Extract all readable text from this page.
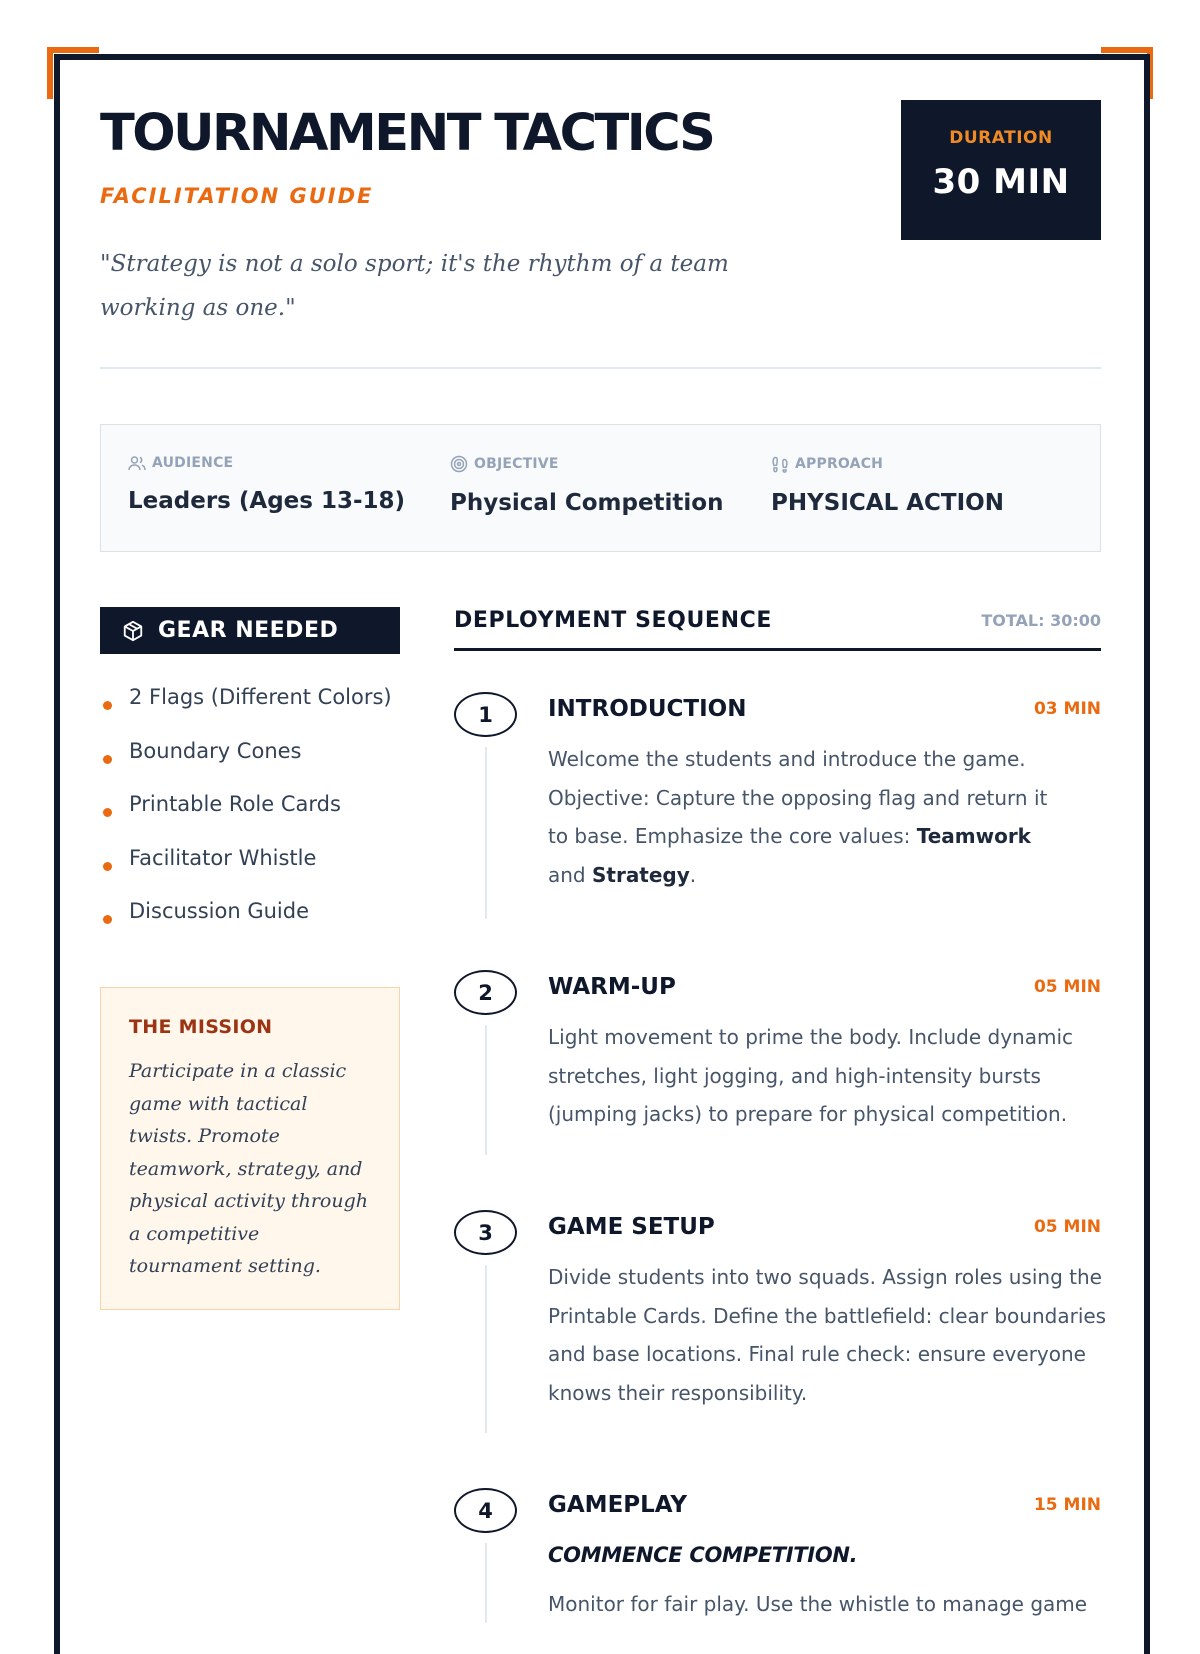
TOURNAMENT TACTICS
FACILITATION GUIDE
DURATION
30 MIN
"Strategy is not a solo sport; it's the rhythm of a team working as one."
AUDIENCE
Leaders (Ages 13-18)
OBJECTIVE
Physical Competition
APPROACH
PHYSICAL ACTION
GEAR NEEDED
2 Flags (Different Colors)
Boundary Cones
Printable Role Cards
Facilitator Whistle
Discussion Guide
THE MISSION
Participate in a classic game with tactical twists. Promote teamwork, strategy, and physical activity through a competitive tournament setting.
DEPLOYMENT SEQUENCE	TOTAL: 30:00
1	INTRODUCTION	03 MIN
Welcome the students and introduce the game. Objective: Capture the opposing flag and return it to base. Emphasize the core values: Teamwork and Strategy.
2	WARM-UP	05 MIN
Light movement to prime the body. Include dynamic stretches, light jogging, and high-intensity bursts (jumping jacks) to prepare for physical competition.
3	GAME SETUP	05 MIN
Divide students into two squads. Assign roles using the Printable Cards. Define the battlefield: clear boundaries and base locations. Final rule check: ensure everyone knows their responsibility.
4	GAMEPLAY	15 MIN
COMMENCE COMPETITION.
Monitor for fair play. Use the whistle to manage game
